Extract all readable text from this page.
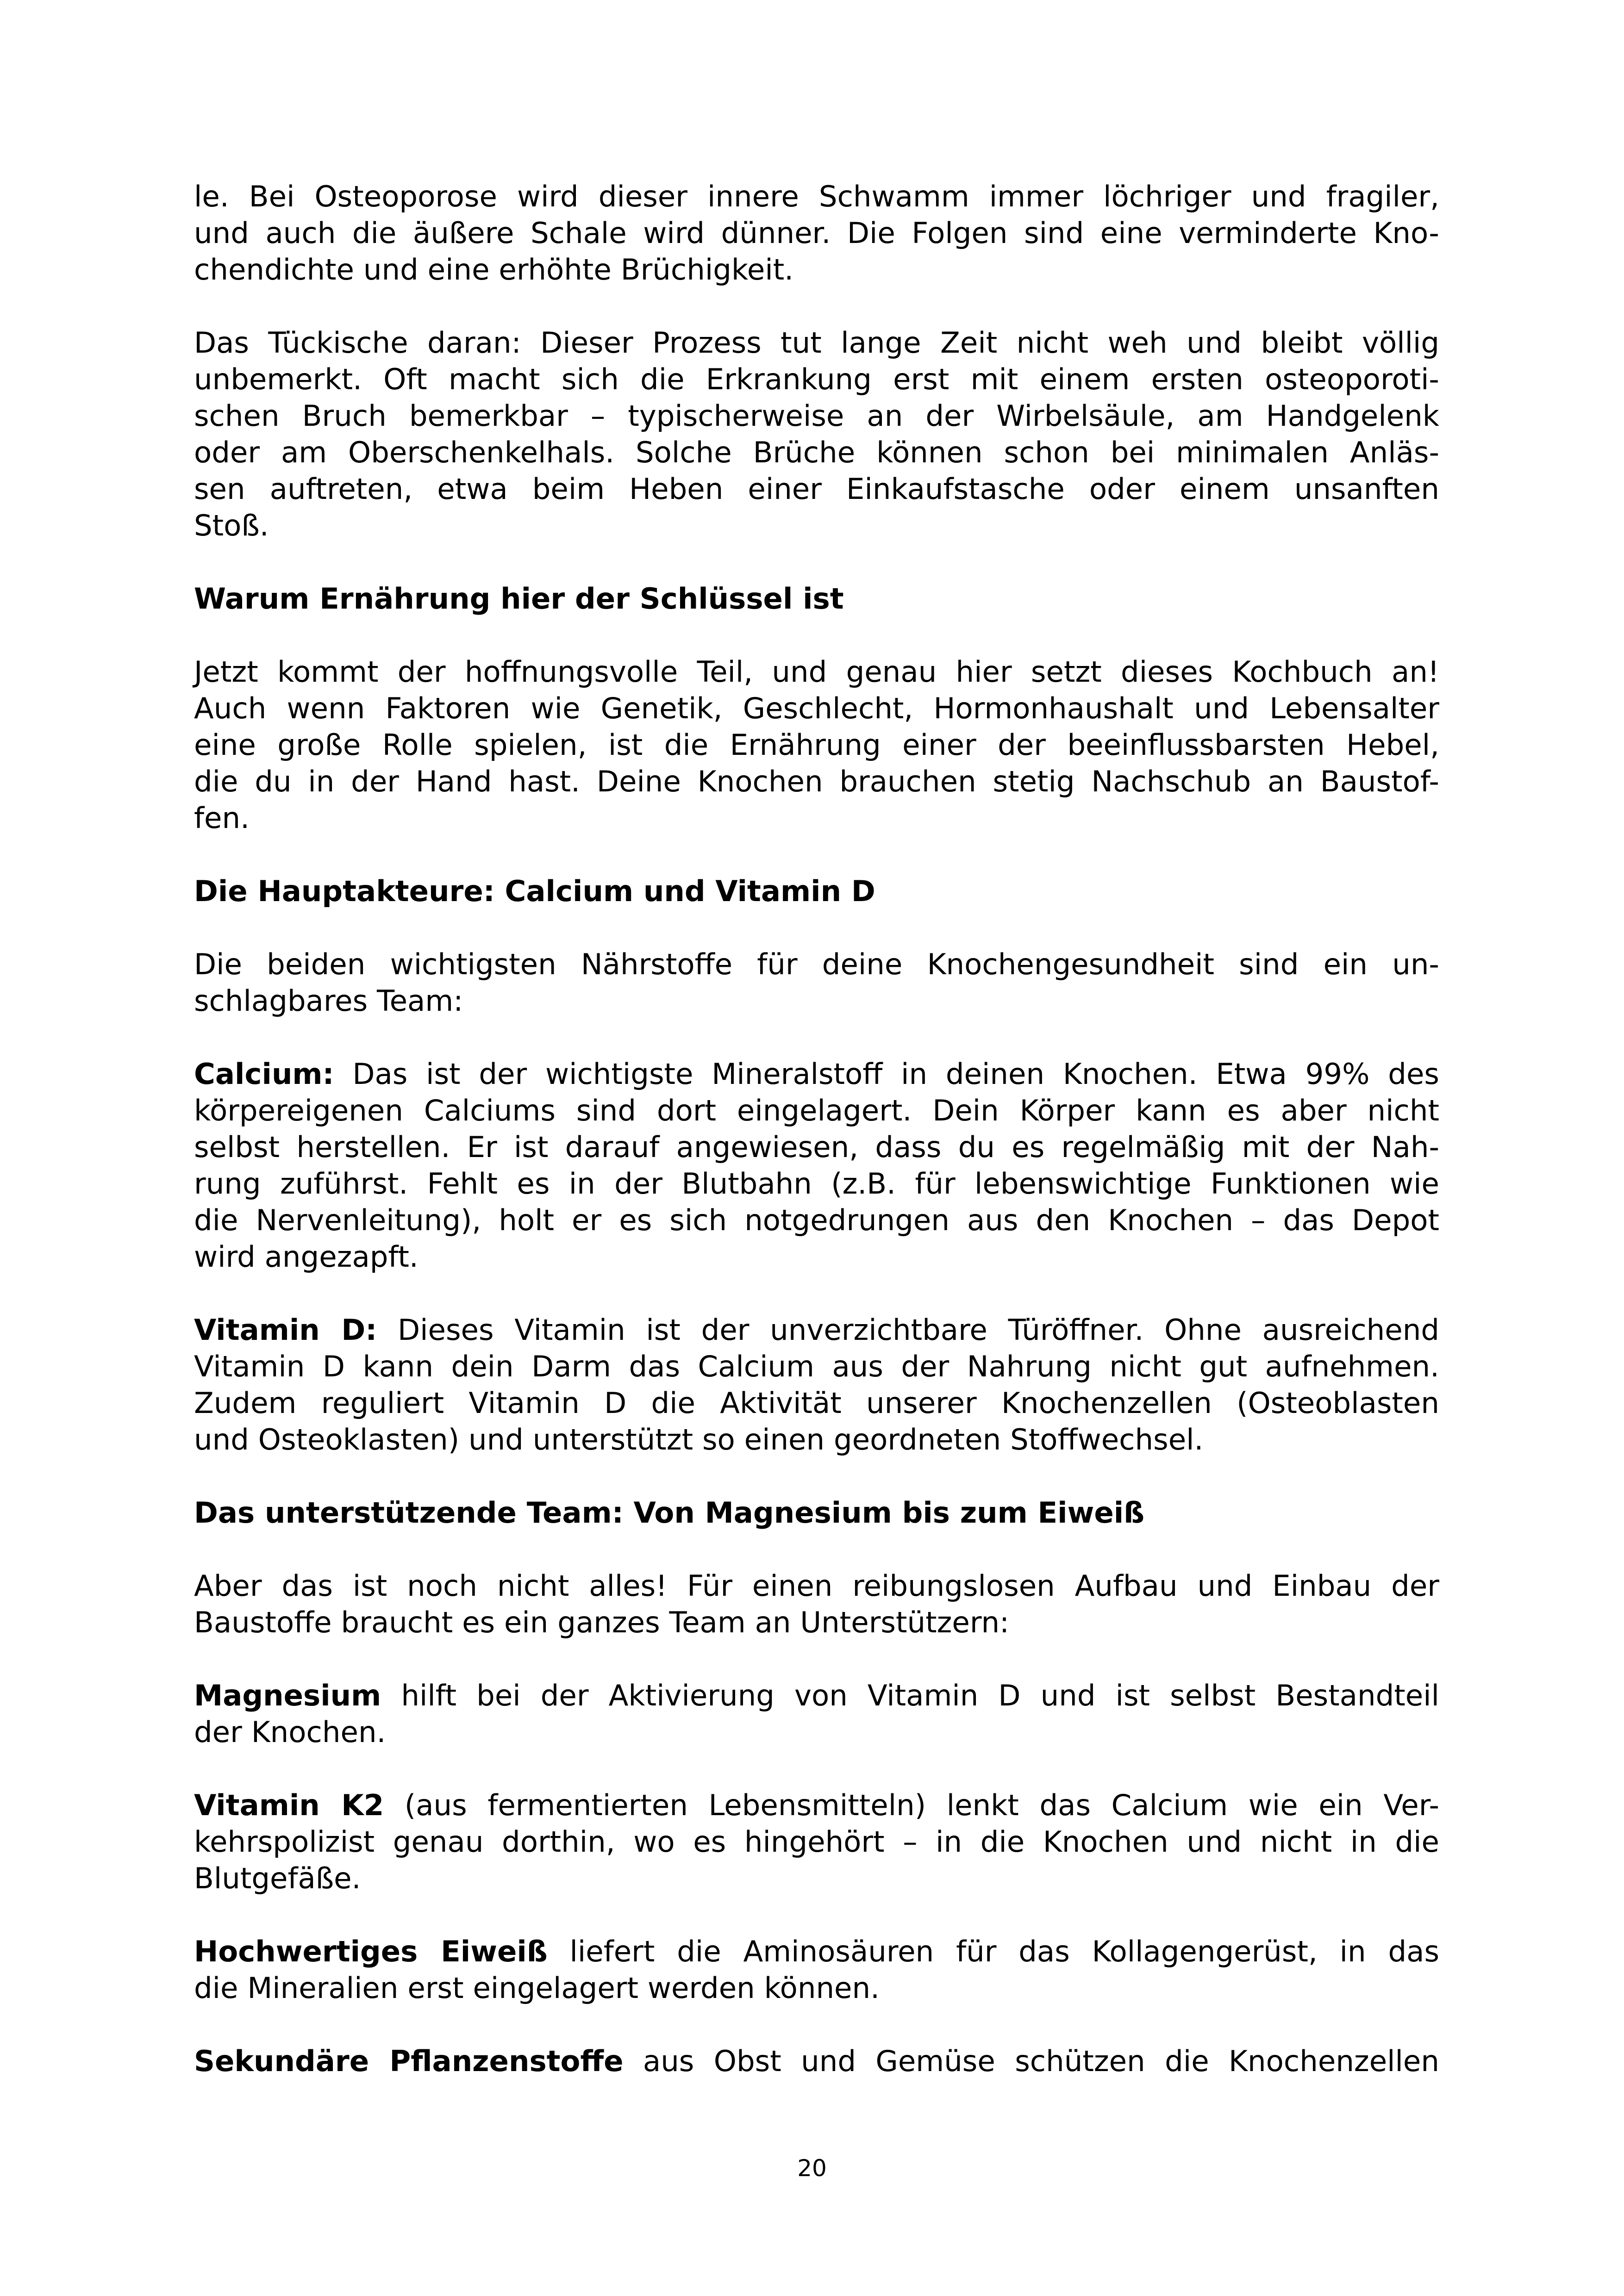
le. Bei Osteoporose wird dieser innere Schwamm immer löchriger und fragiler,
und auch die äußere Schale wird dünner. Die Folgen sind eine verminderte Kno-
chendichte und eine erhöhte Brüchigkeit.
Das Tückische daran: Dieser Prozess tut lange Zeit nicht weh und bleibt völlig
unbemerkt. Oft macht sich die Erkrankung erst mit einem ersten osteoporoti-
schen Bruch bemerkbar – typischerweise an der Wirbelsäule, am Handgelenk
oder am Oberschenkelhals. Solche Brüche können schon bei minimalen Anläs-
sen auftreten, etwa beim Heben einer Einkaufstasche oder einem unsanften
Stoß.
Warum Ernährung hier der Schlüssel ist
Jetzt kommt der hoffnungsvolle Teil, und genau hier setzt dieses Kochbuch an!
Auch wenn Faktoren wie Genetik, Geschlecht, Hormonhaushalt und Lebensalter
eine große Rolle spielen, ist die Ernährung einer der beeinflussbarsten Hebel,
die du in der Hand hast. Deine Knochen brauchen stetig Nachschub an Baustof-
fen.
Die Hauptakteure: Calcium und Vitamin D
Die beiden wichtigsten Nährstoffe für deine Knochengesundheit sind ein un-
schlagbares Team:
Calcium: Das ist der wichtigste Mineralstoff in deinen Knochen. Etwa 99% des
körpereigenen Calciums sind dort eingelagert. Dein Körper kann es aber nicht
selbst herstellen. Er ist darauf angewiesen, dass du es regelmäßig mit der Nah-
rung zuführst. Fehlt es in der Blutbahn (z.B. für lebenswichtige Funktionen wie
die Nervenleitung), holt er es sich notgedrungen aus den Knochen – das Depot
wird angezapft.
Vitamin D: Dieses Vitamin ist der unverzichtbare Türöffner. Ohne ausreichend
Vitamin D kann dein Darm das Calcium aus der Nahrung nicht gut aufnehmen.
Zudem reguliert Vitamin D die Aktivität unserer Knochenzellen (Osteoblasten
und Osteoklasten) und unterstützt so einen geordneten Stoffwechsel.
Das unterstützende Team: Von Magnesium bis zum Eiweiß
Aber das ist noch nicht alles! Für einen reibungslosen Aufbau und Einbau der
Baustoffe braucht es ein ganzes Team an Unterstützern:
Magnesium hilft bei der Aktivierung von Vitamin D und ist selbst Bestandteil
der Knochen.
Vitamin K2 (aus fermentierten Lebensmitteln) lenkt das Calcium wie ein Ver-
kehrspolizist genau dorthin, wo es hingehört – in die Knochen und nicht in die
Blutgefäße.
Hochwertiges Eiweiß liefert die Aminosäuren für das Kollagengerüst, in das
die Mineralien erst eingelagert werden können.
Sekundäre Pflanzenstoffe aus Obst und Gemüse schützen die Knochenzellen
20
